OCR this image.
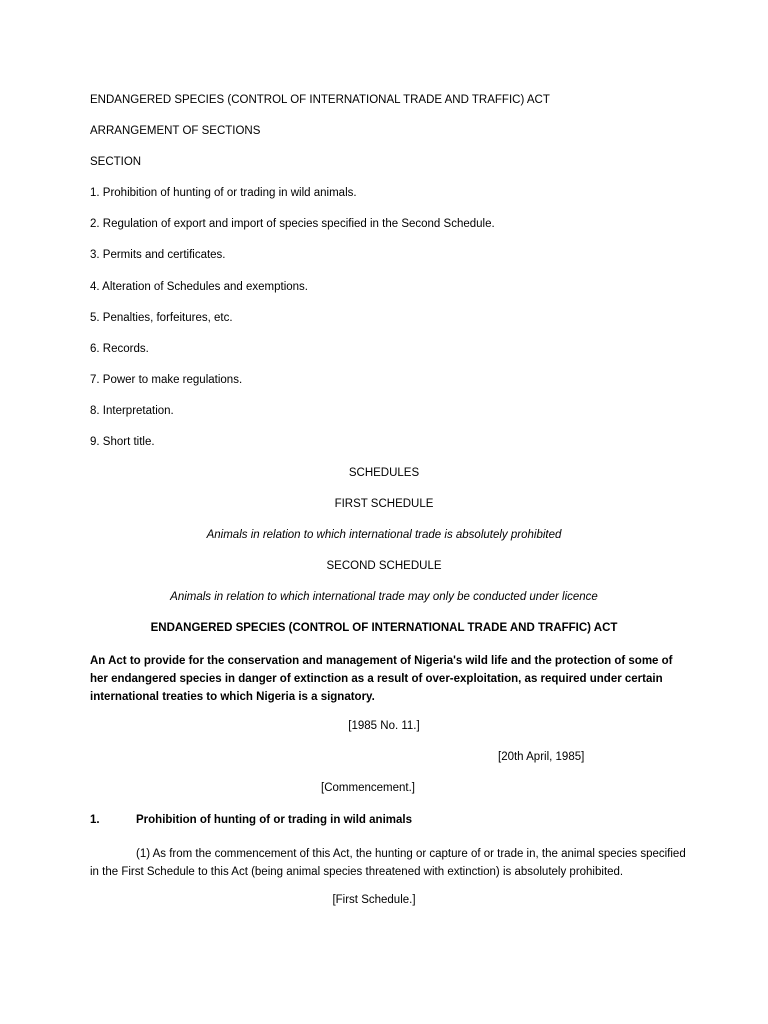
ENDANGERED SPECIES (CONTROL OF INTERNATIONAL TRADE AND TRAFFIC) ACT
ARRANGEMENT OF SECTIONS
SECTION
1. Prohibition of hunting of or trading in wild animals.
2. Regulation of export and import of species specified in the Second Schedule.
3. Permits and certificates.
4. Alteration of Schedules and exemptions.
5. Penalties, forfeitures, etc.
6. Records.
7. Power to make regulations.
8. Interpretation.
9. Short title.
SCHEDULES
FIRST SCHEDULE
Animals in relation to which international trade is absolutely prohibited
SECOND SCHEDULE
Animals in relation to which international trade may only be conducted under licence
ENDANGERED SPECIES (CONTROL OF INTERNATIONAL TRADE AND TRAFFIC) ACT
An Act to provide for the conservation and management of Nigeria's wild life and the protection of some of her endangered species in danger of extinction as a result of over-exploitation, as required under certain international treaties to which Nigeria is a signatory.
[1985 No. 11.]
[20th April, 1985]
[Commencement.]
1.	Prohibition of hunting of or trading in wild animals
(1) As from the commencement of this Act, the hunting or capture of or trade in, the animal species specified in the First Schedule to this Act (being animal species threatened with extinction) is absolutely prohibited.
[First Schedule.]
